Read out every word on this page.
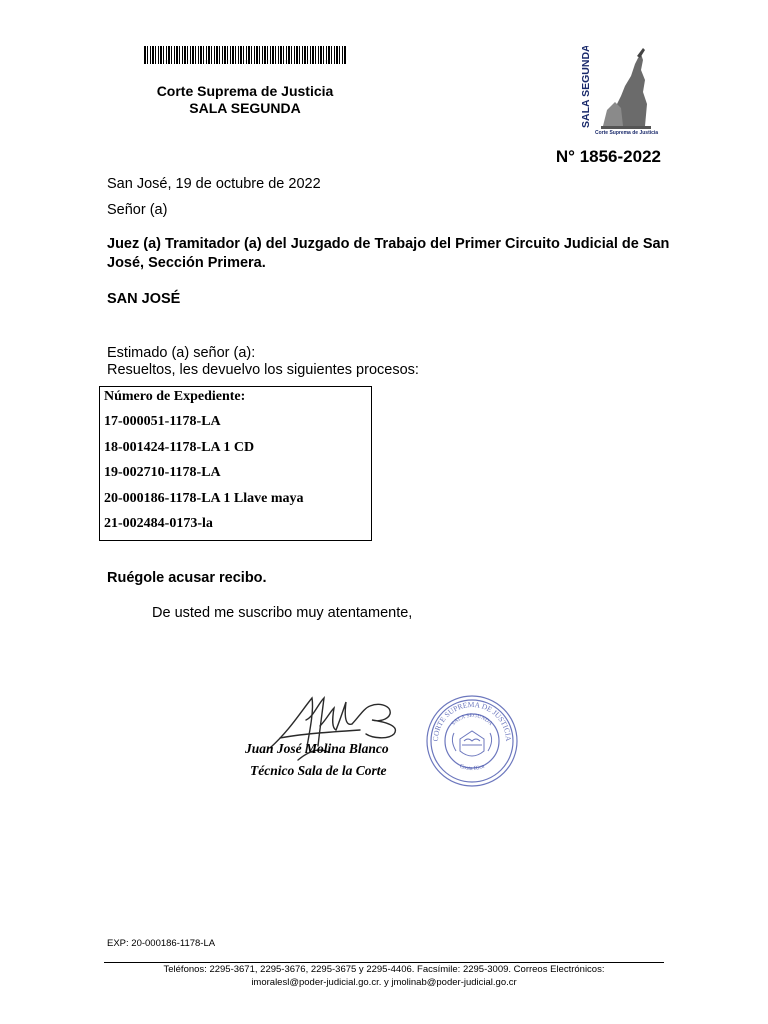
Corte Suprema de Justicia
SALA SEGUNDA	SALA SEGUNDA
Corte Suprema de Justicia
N° 1856-2022
San José, 19 de octubre de 2022
Señor (a)
Juez (a) Tramitador (a) del Juzgado de Trabajo del Primer Circuito Judicial de San José, Sección Primera.
SAN JOSÉ
Estimado (a) señor (a):
Resueltos, les devuelvo los siguientes procesos:
Número de Expediente:
17-000051-1178-LA
18-001424-1178-LA 1 CD
19-002710-1178-LA
20-000186-1178-LA 1 Llave maya
21-002484-0173-la
Ruégole acusar recibo.
De usted me suscribo muy atentamente,
Juan José Molina Blanco
Técnico Sala de la Corte
CORTE SUPREMA DE JUSTICIA
SALA SEGUNDA
Costa Rica
EXP: 20-000186-1178-LA
Teléfonos: 2295-3671, 2295-3676, 2295-3675 y 2295-4406. Facsímile: 2295-3009. Correos Electrónicos:
imoralesl@poder-judicial.go.cr. y jmolinab@poder-judicial.go.cr
